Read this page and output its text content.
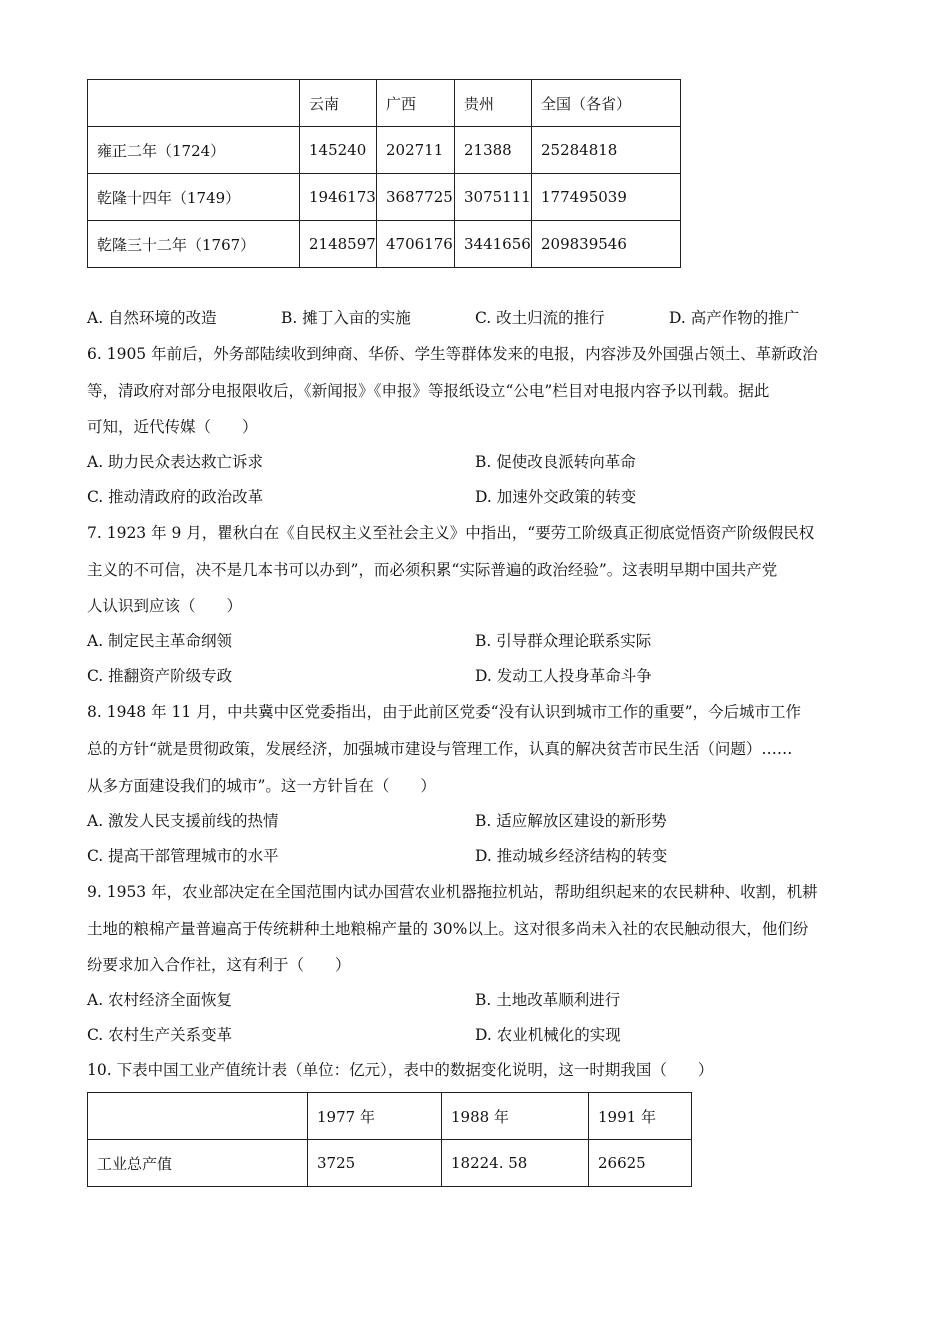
	云南	广西	贵州	全国（各省）
雍正二年（1724）	145240	202711	21388	25284818
乾隆十四年（1749）	1946173	3687725	3075111	177495039
乾隆三十二年（1767）	2148597	4706176	3441656	209839546
A. 自然环境的改造	B. 摊丁入亩的实施	C. 改土归流的推行	D. 高产作物的推广
6. 1905 年前后，外务部陆续收到绅商、华侨、学生等群体发来的电报，内容涉及外国强占领土、革新政治
等，清政府对部分电报限收后，《新闻报》《申报》等报纸设立“公电”栏目对电报内容予以刊载。据此
可知，近代传媒（　　）
A. 助力民众表达救亡诉求	B. 促使改良派转向革命
C. 推动清政府的政治改革	D. 加速外交政策的转变
7. 1923 年 9 月，瞿秋白在《自民权主义至社会主义》中指出，“要劳工阶级真正彻底觉悟资产阶级假民权
主义的不可信，决不是几本书可以办到”，而必须积累“实际普遍的政治经验”。这表明早期中国共产党
人认识到应该（　　）
A. 制定民主革命纲领	B. 引导群众理论联系实际
C. 推翻资产阶级专政	D. 发动工人投身革命斗争
8. 1948 年 11 月，中共冀中区党委指出，由于此前区党委“没有认识到城市工作的重要”，今后城市工作
总的方针“就是贯彻政策，发展经济，加强城市建设与管理工作，认真的解决贫苦市民生活（问题）……
从多方面建设我们的城市”。这一方针旨在（　　）
A. 激发人民支援前线的热情	B. 适应解放区建设的新形势
C. 提高干部管理城市的水平	D. 推动城乡经济结构的转变
9. 1953 年，农业部决定在全国范围内试办国营农业机器拖拉机站，帮助组织起来的农民耕种、收割，机耕
土地的粮棉产量普遍高于传统耕种土地粮棉产量的 30%以上。这对很多尚未入社的农民触动很大，他们纷
纷要求加入合作社，这有利于（　　）
A. 农村经济全面恢复	B. 土地改革顺利进行
C. 农村生产关系变革	D. 农业机械化的实现
10. 下表中国工业产值统计表（单位：亿元），表中的数据变化说明，这一时期我国（　　）
	1977 年	1988 年	1991 年
工业总产值	3725	18224. 58	26625
